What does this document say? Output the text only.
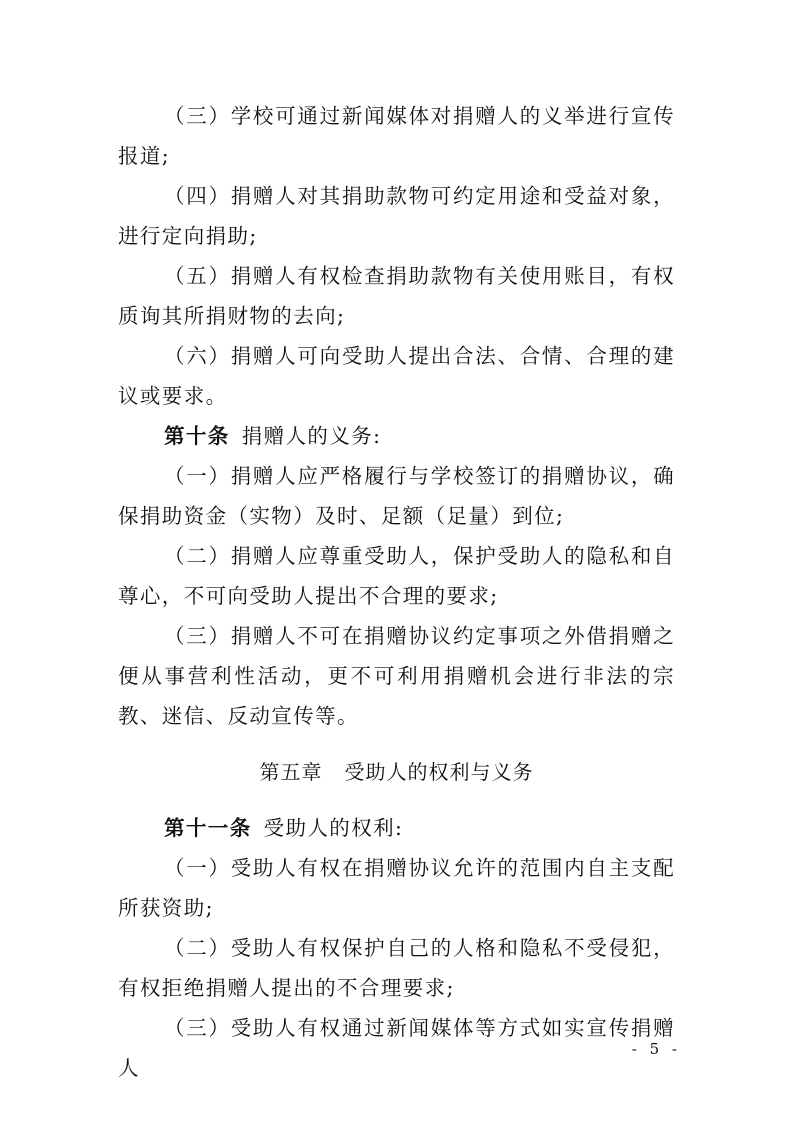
（三）学校可通过新闻媒体对捐赠人的义举进行宣传报道;

（四）捐赠人对其捐助款物可约定用途和受益对象，进行定向捐助;

（五）捐赠人有权检查捐助款物有关使用账目，有权质询其所捐财物的去向;

（六）捐赠人可向受助人提出合法、合情、合理的建议或要求。

第十条 捐赠人的义务:

（一）捐赠人应严格履行与学校签订的捐赠协议，确保捐助资金（实物）及时、足额（足量）到位;

（二）捐赠人应尊重受助人，保护受助人的隐私和自尊心，不可向受助人提出不合理的要求;

（三）捐赠人不可在捐赠协议约定事项之外借捐赠之便从事营利性活动，更不可利用捐赠机会进行非法的宗教、迷信、反动宣传等。

第五章 受助人的权利与义务

第十一条 受助人的权利:

（一）受助人有权在捐赠协议允许的范围内自主支配所获资助;

（二）受助人有权保护自己的人格和隐私不受侵犯，有权拒绝捐赠人提出的不合理要求;

（三）受助人有权通过新闻媒体等方式如实宣传捐赠人

- 5 -
